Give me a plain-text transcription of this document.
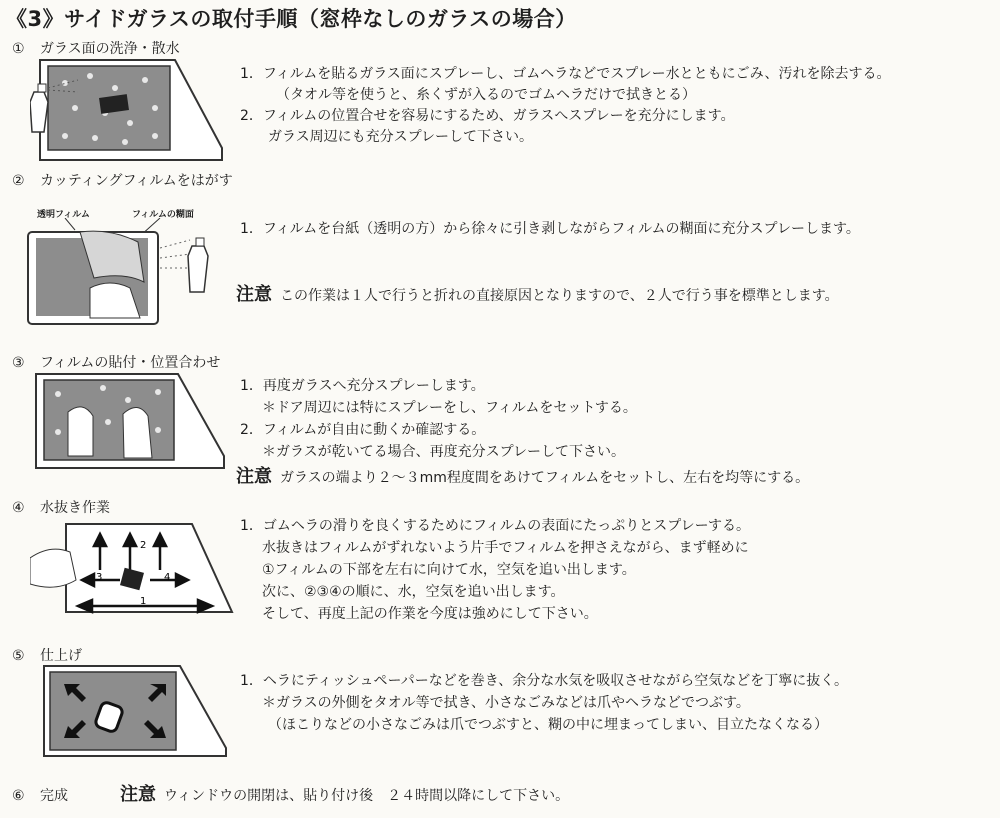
《3》サイドガラスの取付手順（窓枠なしのガラスの場合）
① ガラス面の洗浄・散水
1．フィルムを貼るガラス面にスプレーし、ゴムヘラなどでスプレー水とともにごみ、汚れを除去する。
（タオル等を使うと、糸くずが入るのでゴムヘラだけで拭きとる）
2．フィルムの位置合せを容易にするため、ガラスへスプレーを充分にします。
ガラス周辺にも充分スプレーして下さい。
② カッティングフィルムをはがす
透明フィルム	フィルムの糊面
1．フィルムを台紙（透明の方）から徐々に引き剥しながらフィルムの糊面に充分スプレーします。
注意 この作業は１人で行うと折れの直接原因となりますので、２人で行う事を標準とします。
③ フィルムの貼付・位置合わせ
1．再度ガラスへ充分スプレーします。
＊ドア周辺には特にスプレーをし、フィルムをセットする。
2．フィルムが自由に動くか確認する。
＊ガラスが乾いてる場合、再度充分スプレーして下さい。
注意 ガラスの端より２～３mm程度間をあけてフィルムをセットし、左右を均等にする。
④ 水抜き作業
2
3	4
1
1．ゴムヘラの滑りを良くするためにフィルムの表面にたっぷりとスプレーする。
水抜きはフィルムがずれないよう片手でフィルムを押さえながら、まず軽めに
①フィルムの下部を左右に向けて水，空気を追い出します。
次に、②③④の順に、水，空気を追い出します。
そして、再度上記の作業を今度は強めにして下さい。
⑤ 仕上げ
1．ヘラにティッシュペーパーなどを巻き、余分な水気を吸収させながら空気などを丁寧に抜く。
＊ガラスの外側をタオル等で拭き、小さなごみなどは爪やヘラなどでつぶす。
（ほこりなどの小さなごみは爪でつぶすと、糊の中に埋まってしまい、目立たなくなる）
⑥ 完成	注意 ウィンドウの開閉は、貼り付け後　２４時間以降にして下さい。
